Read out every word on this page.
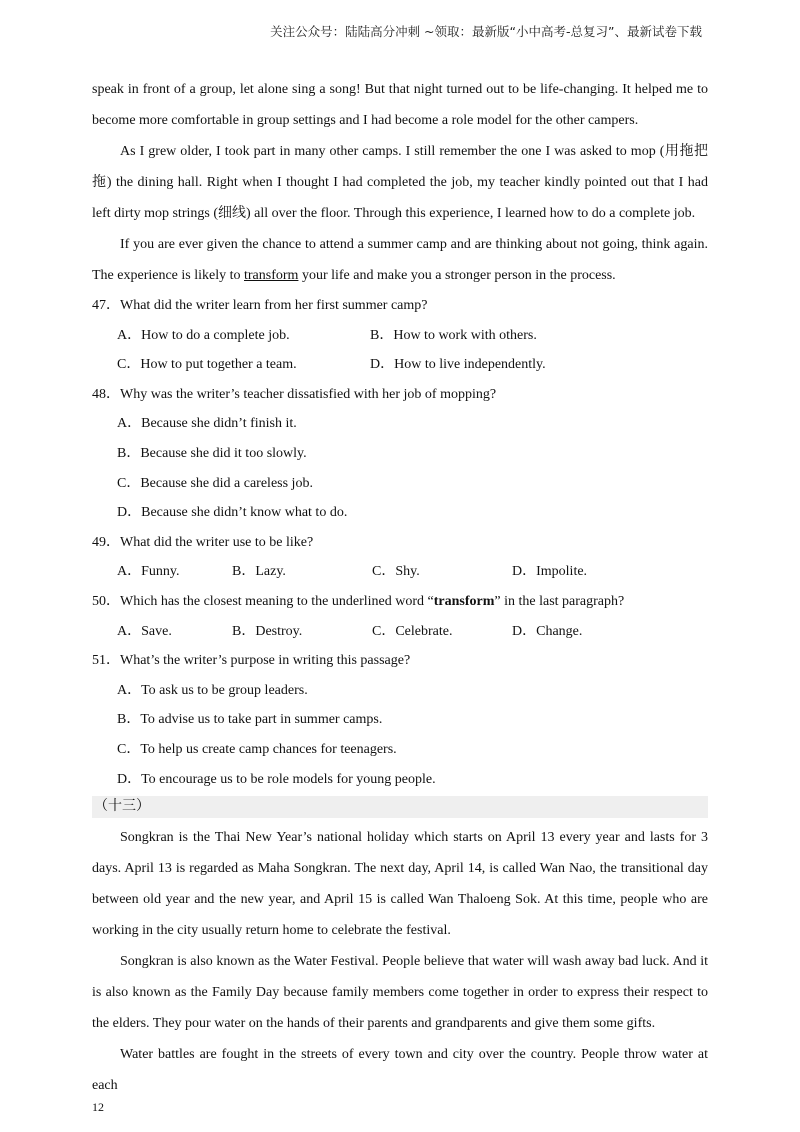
关注公众号：陆陆高分冲刺 ~领取：最新版“小中高考-总复习”、最新试卷下载

speak in front of a group, let alone sing a song! But that night turned out to be life-changing. It helped me to become more comfortable in group settings and I had become a role model for the other campers.

As I grew older, I took part in many other camps. I still remember the one I was asked to mop (用拖把拖) the dining hall. Right when I thought I had completed the job, my teacher kindly pointed out that I had left dirty mop strings (细线) all over the floor. Through this experience, I learned how to do a complete job.

If you are ever given the chance to attend a summer camp and are thinking about not going, think again. The experience is likely to transform your life and make you a stronger person in the process.

47．What did the writer learn from her first summer camp?

A．How to do a complete job.	B．How to work with others.
C．How to put together a team.	D．How to live independently.

48．Why was the writer’s teacher dissatisfied with her job of mopping?

A．Because she didn’t finish it.

B．Because she did it too slowly.

C．Because she did a careless job.

D．Because she didn’t know what to do.

49．What did the writer use to be like?

A．Funny.	B．Lazy.	C．Shy.	D．Impolite.

50．Which has the closest meaning to the underlined word “transform” in the last paragraph?

A．Save.	B．Destroy.	C．Celebrate.	D．Change.

51．What’s the writer’s purpose in writing this passage?

A．To ask us to be group leaders.

B．To advise us to take part in summer camps.

C．To help us create camp chances for teenagers.

D．To encourage us to be role models for young people.

（十三）

Songkran is the Thai New Year’s national holiday which starts on April 13 every year and lasts for 3 days. April 13 is regarded as Maha Songkran. The next day, April 14, is called Wan Nao, the transitional day between old year and the new year, and April 15 is called Wan Thaloeng Sok. At this time, people who are working in the city usually return home to celebrate the festival.

Songkran is also known as the Water Festival. People believe that water will wash away bad luck. And it is also known as the Family Day because family members come together in order to express their respect to the elders. They pour water on the hands of their parents and grandparents and give them some gifts.

Water battles are fought in the streets of every town and city over the country. People throw water at each

12
